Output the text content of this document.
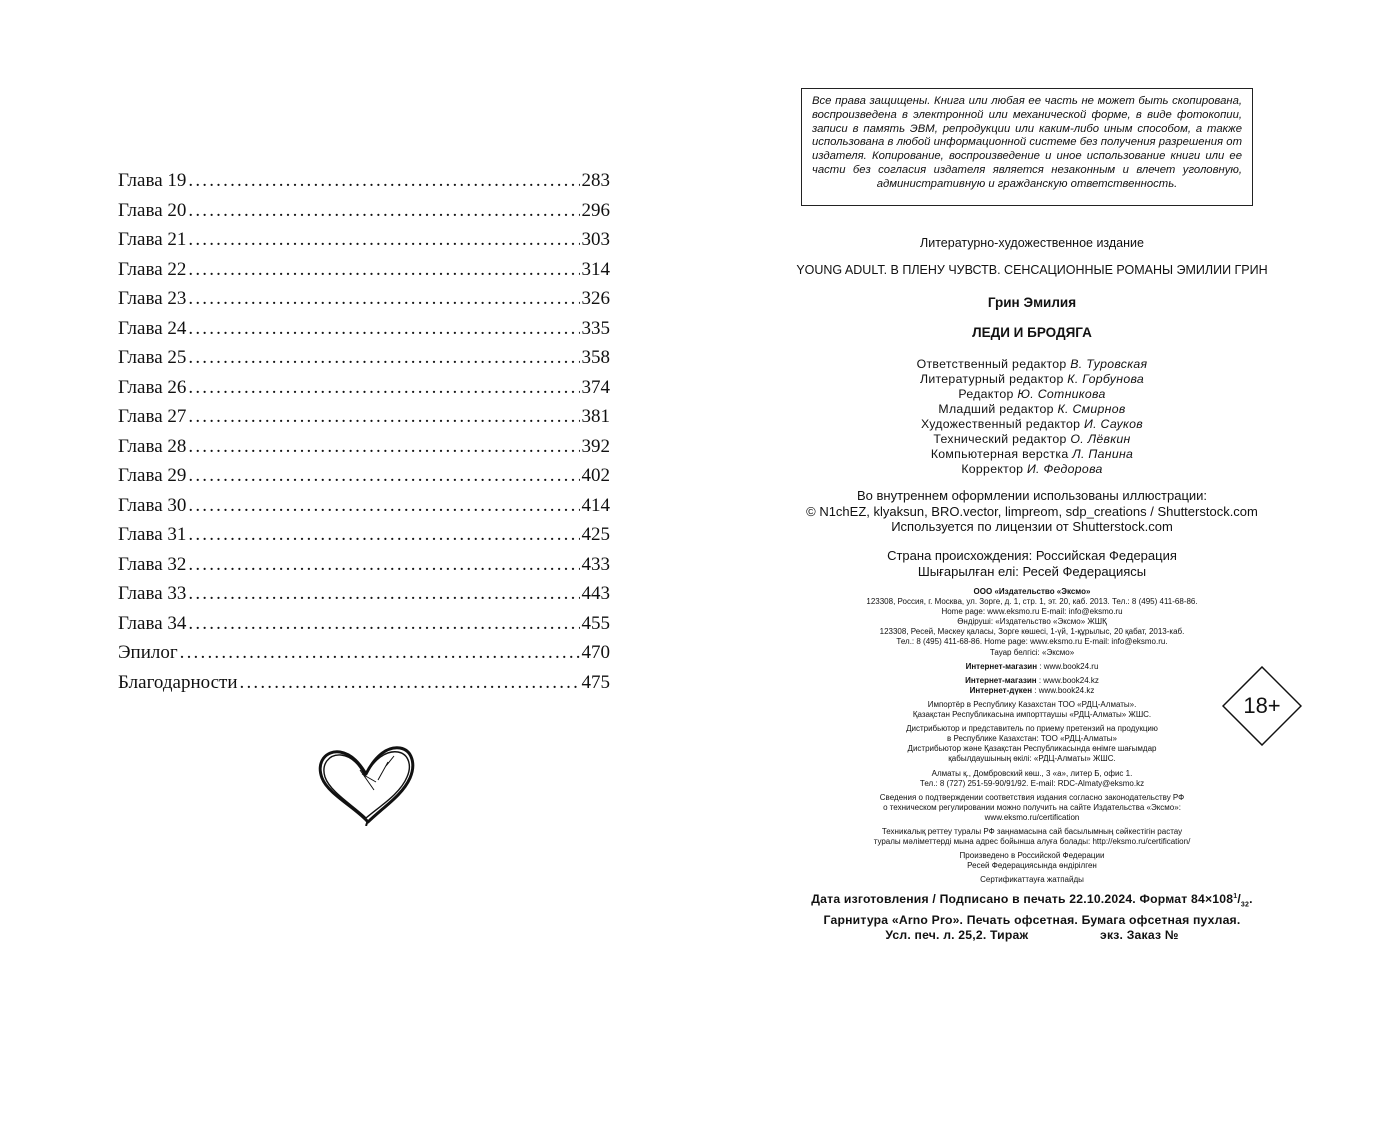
Глава 19 .....	283
Глава 20 .....	296
Глава 21 .....	303
Глава 22 .....	314
Глава 23 .....	326
Глава 24 .....	335
Глава 25 .....	358
Глава 26 .....	374
Глава 27 .....	381
Глава 28 .....	392
Глава 29 .....	402
Глава 30 .....	414
Глава 31 .....	425
Глава 32 .....	433
Глава 33 .....	443
Глава 34 .....	455
Эпилог .....	470
Благодарности .....	475
Все права защищены. Книга или любая ее часть не может быть скопирована, воспроизведена в электронной или механической форме, в виде фотокопии, записи в память ЭВМ, репродукции или каким-либо иным способом, а также использована в любой информационной системе без получения разрешения от издателя. Копирование, воспроизведение и иное использование книги или ее части без согласия издателя является незаконным и влечет уголовную, административную и гражданскую ответственность.
Литературно-художественное издание
YOUNG ADULT. В ПЛЕНУ ЧУВСТВ. СЕНСАЦИОННЫЕ РОМАНЫ ЭМИЛИИ ГРИН
Грин Эмилия
ЛЕДИ И БРОДЯГА
Ответственный редактор В. Туровская
Литературный редактор К. Горбунова
Редактор Ю. Сотникова
Младший редактор К. Смирнов
Художественный редактор И. Сауков
Технический редактор О. Лёвкин
Компьютерная верстка Л. Панина
Корректор И. Федорова
Во внутреннем оформлении использованы иллюстрации:
© N1chEZ, klyaksun, BRO.vector, limpreom, sdp_creations / Shutterstock.com
Используется по лицензии от Shutterstock.com
Страна происхождения: Российская Федерация
Шығарылған елі: Ресей Федерациясы
ООО «Издательство «Эксмо»
123308, Россия, г. Москва, ул. Зорге, д. 1, стр. 1, эт. 20, каб. 2013. Тел.: 8 (495) 411-68-86.
Home page: www.eksmo.ru E-mail: info@eksmo.ru
Өндіруші: «Издательство «Эксмо» ЖШҚ
123308, Ресей, Мәскеу қаласы, Зорге көшесі, 1-үй, 1-құрылыс, 20 қабат, 2013-каб.
Тел.: 8 (495) 411-68-86. Home page: www.eksmo.ru E-mail: info@eksmo.ru.
Тауар белгісі: «Эксмо»
Интернет-магазин : www.book24.ru
Интернет-магазин : www.book24.kz
Интернет-дүкен : www.book24.kz
Импортёр в Республику Казахстан ТОО «РДЦ-Алматы».
Қазақстан Республикасына импорттаушы «РДЦ-Алматы» ЖШС.
Дистрибьютор и представитель по приему претензий на продукцию
в Республике Казахстан: ТОО «РДЦ-Алматы»
Дистрибьютор және Қазақстан Республикасында өнімге шағымдар
қабылдаушының өкілі: «РДЦ-Алматы» ЖШС.
Алматы қ., Домбровский көш., 3 «а», литер Б, офис 1.
Тел.: 8 (727) 251-59-90/91/92. E-mail: RDC-Almaty@eksmo.kz
Сведения о подтверждении соответствия издания согласно законодательству РФ
о техническом регулировании можно получить на сайте Издательства «Эксмо»:
www.eksmo.ru/certification
Техникалық реттеу туралы РФ заңнамасына сай басылымның сәйкестігін растау
туралы мәліметтерді мына адрес бойынша алуға болады: http://eksmo.ru/certification/
Произведено в Российской Федерации
Ресей Федерациясында өндірілген
Сертификаттауға жатпайды
18+
Дата изготовления / Подписано в печать 22.10.2024. Формат $84\times 108^1/_{32}$.
Гарнитура «Arno Pro». Печать офсетная. Бумага офсетная пухлая.
Усл. печ. л. 25,2. Тираж                    экз. Заказ №
